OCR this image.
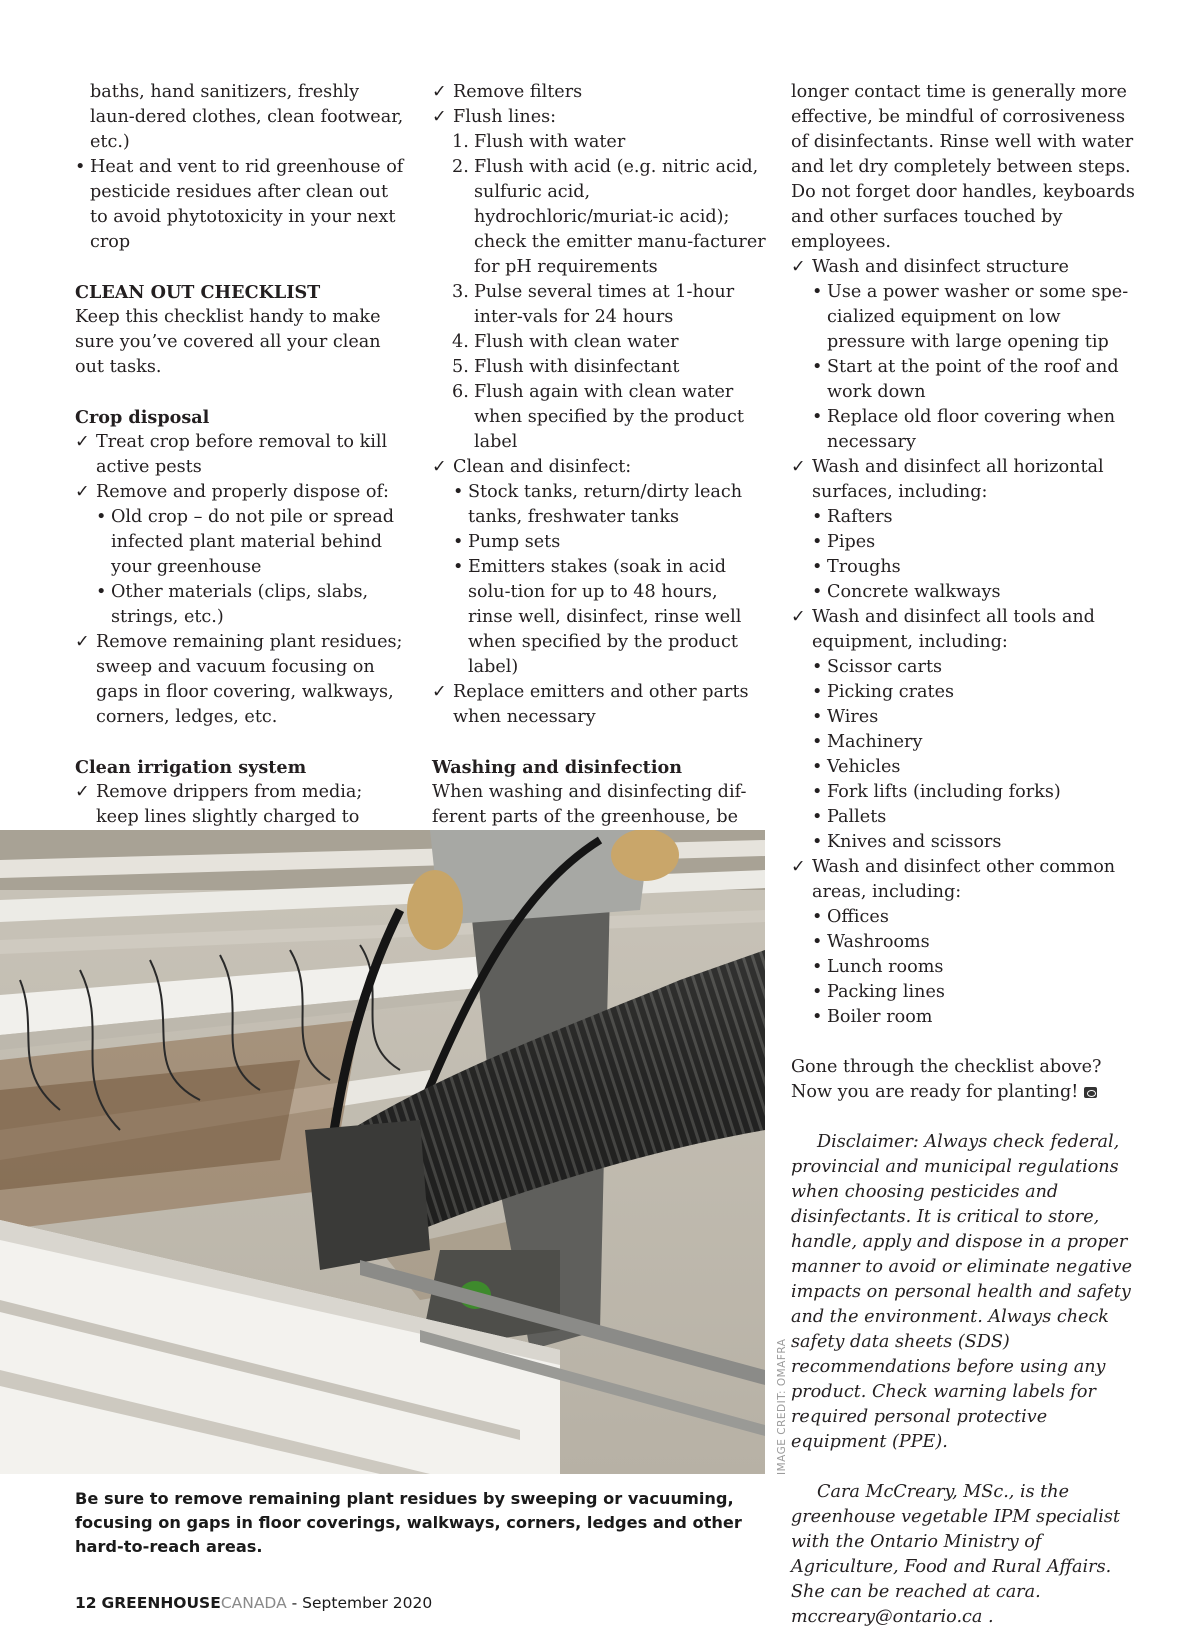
baths, hand sanitizers, freshly laun-dered clothes, clean footwear, etc.)

• Heat and vent to rid greenhouse of pesticide residues after clean out to avoid phytotoxicity in your next crop

CLEAN OUT CHECKLIST

Keep this checklist handy to make sure you’ve covered all your clean out tasks.

Crop disposal

✓ Treat crop before removal to kill active pests
✓ Remove and properly dispose of:
• Old crop – do not pile or spread infected plant material behind your greenhouse
• Other materials (clips, slabs, strings, etc.)
✓ Remove remaining plant residues; sweep and vacuum focusing on gaps in floor covering, walkways, corners, ledges, etc.

Clean irrigation system

✓ Remove drippers from media; keep lines slightly charged to
✓ Remove filters
✓ Flush lines:
1. Flush with water
2. Flush with acid (e.g. nitric acid, sulfuric acid, hydrochloric/muriat-ic acid); check the emitter manu-facturer for pH requirements
3. Pulse several times at 1-hour inter-vals for 24 hours
4. Flush with clean water
5. Flush with disinfectant
6. Flush again with clean water when specified by the product label
✓ Clean and disinfect:
• Stock tanks, return/dirty leach tanks, freshwater tanks
• Pump sets
• Emitters stakes (soak in acid solu-tion for up to 48 hours, rinse well, disinfect, rinse well when specified by the product label)
✓ Replace emitters and other parts when necessary

Washing and disinfection

When washing and disinfecting dif-ferent parts of the greenhouse, be

longer contact time is generally more effective, be mindful of corrosiveness of disinfectants. Rinse well with water and let dry completely between steps. Do not forget door handles, keyboards and other surfaces touched by employees.

✓ Wash and disinfect structure
• Use a power washer or some spe-cialized equipment on low pressure with large opening tip
• Start at the point of the roof and work down
• Replace old floor covering when necessary
✓ Wash and disinfect all horizontal surfaces, including:
• Rafters
• Pipes
• Troughs
• Concrete walkways
✓ Wash and disinfect all tools and equipment, including:
• Scissor carts
• Picking crates
• Wires
• Machinery
• Vehicles
• Fork lifts (including forks)
• Pallets
• Knives and scissors
✓ Wash and disinfect other common areas, including:
• Offices
• Washrooms
• Lunch rooms
• Packing lines
• Boiler room

Gone through the checklist above? Now you are ready for planting!

Disclaimer: Always check federal, provincial and municipal regulations when choosing pesticides and disinfectants. It is critical to store, handle, apply and dispose in a proper manner to avoid or eliminate negative impacts on personal health and safety and the environment. Always check safety data sheets (SDS) recommendations before using any product. Check warning labels for required personal protective equipment (PPE).

Cara McCreary, MSc., is the greenhouse vegetable IPM specialist with the Ontario Ministry of Agriculture, Food and Rural Affairs. She can be reached at cara. mccreary@ontario.ca .

IMAGE CREDIT: OMAFRA

Be sure to remove remaining plant residues by sweeping or vacuuming, focusing on gaps in floor coverings, walkways, corners, ledges and other hard-to-reach areas.

12 GREENHOUSECANADA - September 2020
